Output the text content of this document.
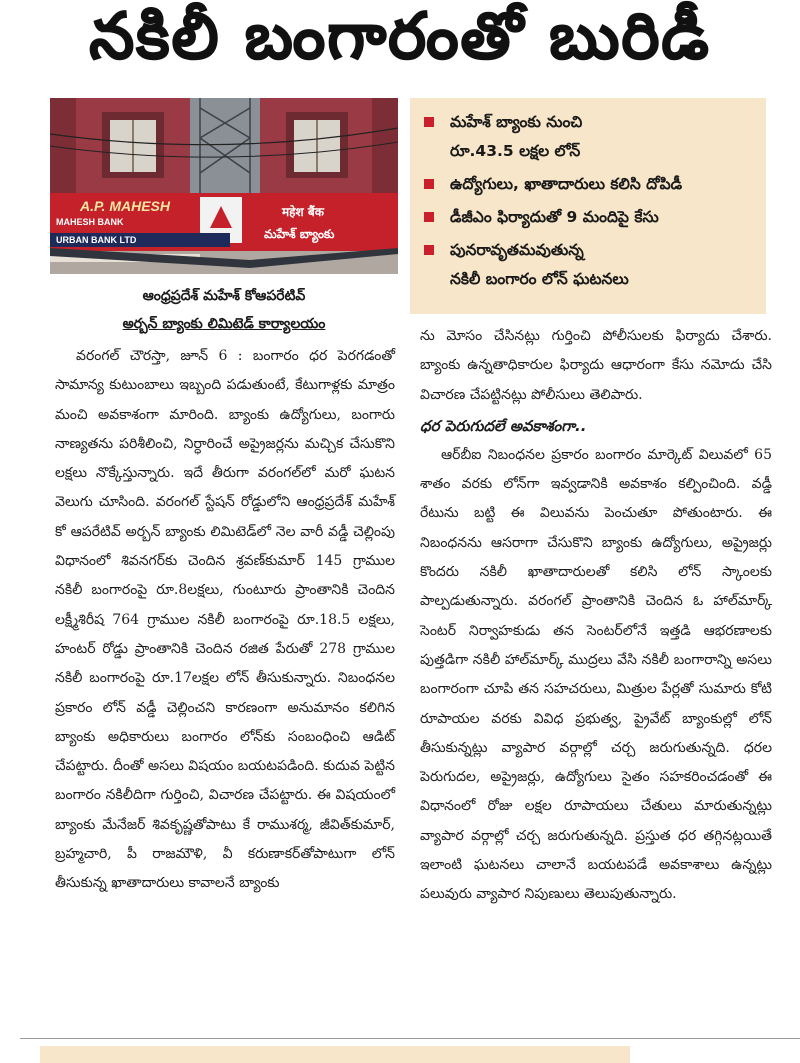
నకిలీ బంగారంతో బురిడీ
A.P. MAHESH
MAHESH BANK
URBAN BANK LTD
महेश बैंक
మహేశ్ బ్యాంకు
ఆంధ్రప్రదేశ్ మహేశ్ కోఆపరేటివ్
అర్బన్ బ్యాంకు లిమిటెడ్ కార్యాలయం
మహేశ్ బ్యాంకు నుంచి
రూ.43.5 లక్షల లోన్
ఉద్యోగులు, ఖాతాదారులు కలిసి దోపిడీ
డీజీఎం ఫిర్యాదుతో 9 మందిపై కేసు
పునరావృతమవుతున్న
నకిలీ బంగారం లోన్ ఘటనలు

వరంగల్ చౌరస్తా, జూన్ 6 : బంగారం ధర పెరగడంతో సామాన్య కుటుంబాలు ఇబ్బంది పడుతుంటే, కేటుగాళ్లకు మాత్రం మంచి అవకాశంగా మారింది. బ్యాంకు ఉద్యోగులు, బంగారు నాణ్యతను పరిశీలించి, నిర్ధారించే అప్రైజర్లను మచ్చిక చేసుకొని లక్షలు నొక్కేస్తున్నారు. ఇదే తీరుగా వరంగల్‌లో మరో ఘటన వెలుగు చూసింది. వరంగల్ స్టేషన్ రోడ్డులోని ఆంధ్రప్రదేశ్ మహేశ్ కో ఆపరేటివ్ అర్బన్ బ్యాంకు లిమిటెడ్‌లో నెల వారీ వడ్డీ చెల్లింపు విధానంలో శివనగర్‌కు చెందిన శ్రవణ్‌కుమార్ 145 గ్రాముల నకిలీ బంగారంపై రూ.8లక్షలు, గుంటూరు ప్రాంతానికి చెందిన లక్ష్మీశిరీష 764 గ్రాముల నకిలీ బంగారంపై రూ.18.5 లక్షలు, హంటర్ రోడ్డు ప్రాంతానికి చెందిన రజిత పేరుతో 278 గ్రాముల నకిలీ బంగారంపై రూ.17లక్షల లోన్ తీసుకున్నారు. నిబంధనల ప్రకారం లోన్ వడ్డీ చెల్లించని కారణంగా అనుమానం కలిగిన బ్యాంకు అధికారులు బంగారం లోన్‌కు సంబంధించి ఆడిట్ చేపట్టారు. దీంతో అసలు విషయం బయటపడింది. కుదువ పెట్టిన బంగారం నకిలీదిగా గుర్తించి, విచారణ చేపట్టారు. ఈ విషయంలో బ్యాంకు మేనేజర్ శివకృష్ణతోపాటు కే రాముశర్మ, జీవిత్‌కుమార్, బ్రహ్మచారి, పీ రాజమౌళి, వీ కరుణాకర్‌తోపాటుగా లోన్ తీసుకున్న ఖాతాదారులు కావాలనే బ్యాంకు

ను మోసం చేసినట్లు గుర్తించి పోలీసులకు ఫిర్యాదు చేశారు. బ్యాంకు ఉన్నతాధికారుల ఫిర్యాదు ఆధారంగా కేసు నమోదు చేసి విచారణ చేపట్టినట్లు పోలీసులు తెలిపారు.

ధర పెరుగుదలే అవకాశంగా..

ఆర్‌బీఐ నిబంధనల ప్రకారం బంగారం మార్కెట్ విలువలో 65 శాతం వరకు లోన్‌గా ఇవ్వడానికి అవకాశం కల్పించింది. వడ్డీ రేటును బట్టి ఈ విలువను పెంచుతూ పోతుంటారు. ఈ నిబంధనను ఆసరాగా చేసుకొని బ్యాంకు ఉద్యోగులు, అప్రైజర్లు కొందరు నకిలీ ఖాతాదారులతో కలిసి లోన్ స్కాంలకు పాల్పడుతున్నారు. వరంగల్ ప్రాంతానికి చెందిన ఓ హాల్‌మార్క్ సెంటర్ నిర్వాహకుడు తన సెంటర్‌లోనే ఇత్తడి ఆభరణాలకు పుత్తడిగా నకిలీ హాల్‌మార్క్ ముద్రలు వేసి నకిలీ బంగారాన్ని అసలు బంగారంగా చూపి తన సహచరులు, మిత్రుల పేర్లతో సుమారు కోటి రూపాయల వరకు వివిధ ప్రభుత్వ, ప్రైవేట్ బ్యాంకుల్లో లోన్ తీసుకున్నట్లు వ్యాపార వర్గాల్లో చర్చ జరుగుతున్నది. ధరల పెరుగుదల, అప్రైజర్లు, ఉద్యోగులు సైతం సహకరించడంతో ఈ విధానంలో రోజు లక్షల రూపాయలు చేతులు మారుతున్నట్లు వ్యాపార వర్గాల్లో చర్చ జరుగుతున్నది. ప్రస్తుత ధర తగ్గినట్లయితే ఇలాంటి ఘటనలు చాలానే బయటపడే అవకాశాలు ఉన్నట్లు పలువురు వ్యాపార నిపుణులు తెలుపుతున్నారు.
